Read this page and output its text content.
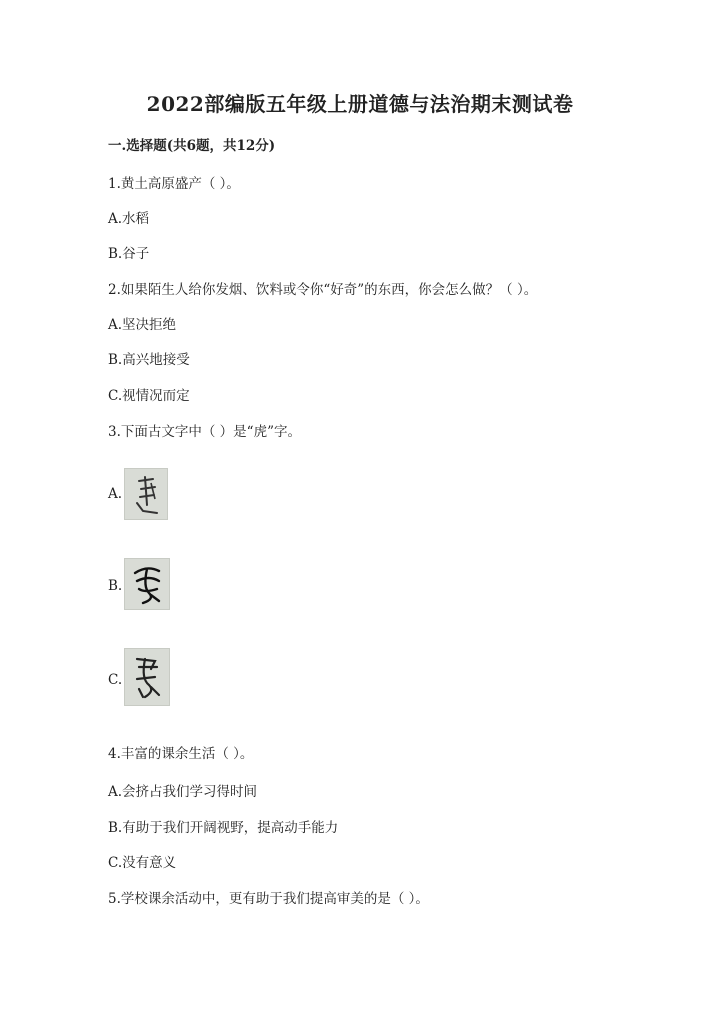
2022部编版五年级上册道德与法治期末测试卷
一.选择题(共6题，共12分)
1.黄土高原盛产（ ）。
A.水稻
B.谷子
2.如果陌生人给你发烟、饮料或令你“好奇”的东西，你会怎么做？（ ）。
A.坚决拒绝
B.高兴地接受
C.视情况而定
3.下面古文字中（ ）是“虎”字。
A.
B.
C.
4.丰富的课余生活（ ）。
A.会挤占我们学习得时间
B.有助于我们开阔视野，提高动手能力
C.没有意义
5.学校课余活动中，更有助于我们提高审美的是（ ）。
